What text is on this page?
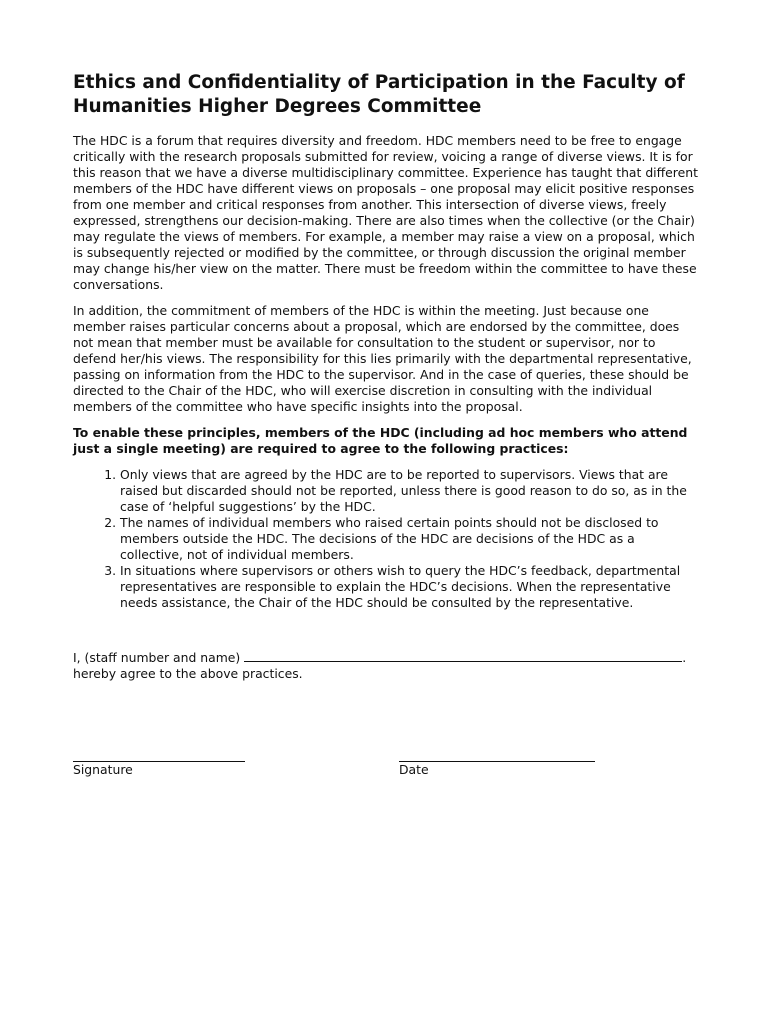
Ethics and Confidentiality of Participation in the Faculty of Humanities Higher Degrees Committee

The HDC is a forum that requires diversity and freedom. HDC members need to be free to engage critically with the research proposals submitted for review, voicing a range of diverse views. It is for this reason that we have a diverse multidisciplinary committee. Experience has taught that different members of the HDC have different views on proposals – one proposal may elicit positive responses from one member and critical responses from another. This intersection of diverse views, freely expressed, strengthens our decision-making. There are also times when the collective (or the Chair) may regulate the views of members. For example, a member may raise a view on a proposal, which is subsequently rejected or modified by the committee, or through discussion the original member may change his/her view on the matter. There must be freedom within the committee to have these conversations.

In addition, the commitment of members of the HDC is within the meeting. Just because one member raises particular concerns about a proposal, which are endorsed by the committee, does not mean that member must be available for consultation to the student or supervisor, nor to defend her/his views. The responsibility for this lies primarily with the departmental representative, passing on information from the HDC to the supervisor. And in the case of queries, these should be directed to the Chair of the HDC, who will exercise discretion in consulting with the individual members of the committee who have specific insights into the proposal.

To enable these principles, members of the HDC (including ad hoc members who attend just a single meeting) are required to agree to the following practices:

1. Only views that are agreed by the HDC are to be reported to supervisors. Views that are raised but discarded should not be reported, unless there is good reason to do so, as in the case of ‘helpful suggestions’ by the HDC.
2. The names of individual members who raised certain points should not be disclosed to members outside the HDC. The decisions of the HDC are decisions of the HDC as a collective, not of individual members.
3. In situations where supervisors or others wish to query the HDC’s feedback, departmental representatives are responsible to explain the HDC’s decisions. When the representative needs assistance, the Chair of the HDC should be consulted by the representative.
I, (staff number and name)	.
hereby agree to the above practices.
Signature	Date
